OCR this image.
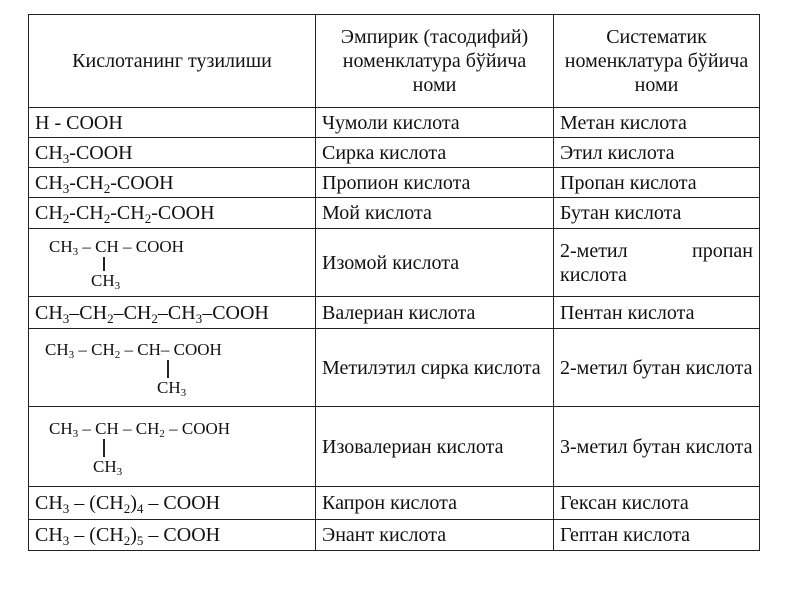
Кислотанинг тузилиши	Эмпирик (тасодифий) номенклатура бўйича номи	Систематик номенклатура бўйича номи
H - COOH	Чумоли кислота	Метан кислота
$CH_3$-COOH	Сирка кислота	Этил кислота
$CH_3-CH_2$-COOH	Пропион кислота	Пропан кислота
$CH_2-CH_2-CH_2$-COOH	Мой кислота	Бутан кислота

$CH_3$ – CH – COOH
$CH_3$	Изомой кислота	2-метил пропан кислота
$CH_3-CH_2-CH_2-CH_3$–COOH	Валериан кислота	Пентан кислота

$CH_3 - CH_2 - CH-$ COOH
$CH_3$	Метилэтил сирка кислота	2-метил бутан кислота

$CH_3$ – CH – $CH_2$ – COOH
$CH_3$	Изовалериан кислота	3-метил бутан кислота
$CH_3 - (CH_2)_4$ – COOH	Капрон кислота	Гексан кислота
$CH_3 - (CH_2)_5$ – COOH	Энант кислота	Гептан кислота
